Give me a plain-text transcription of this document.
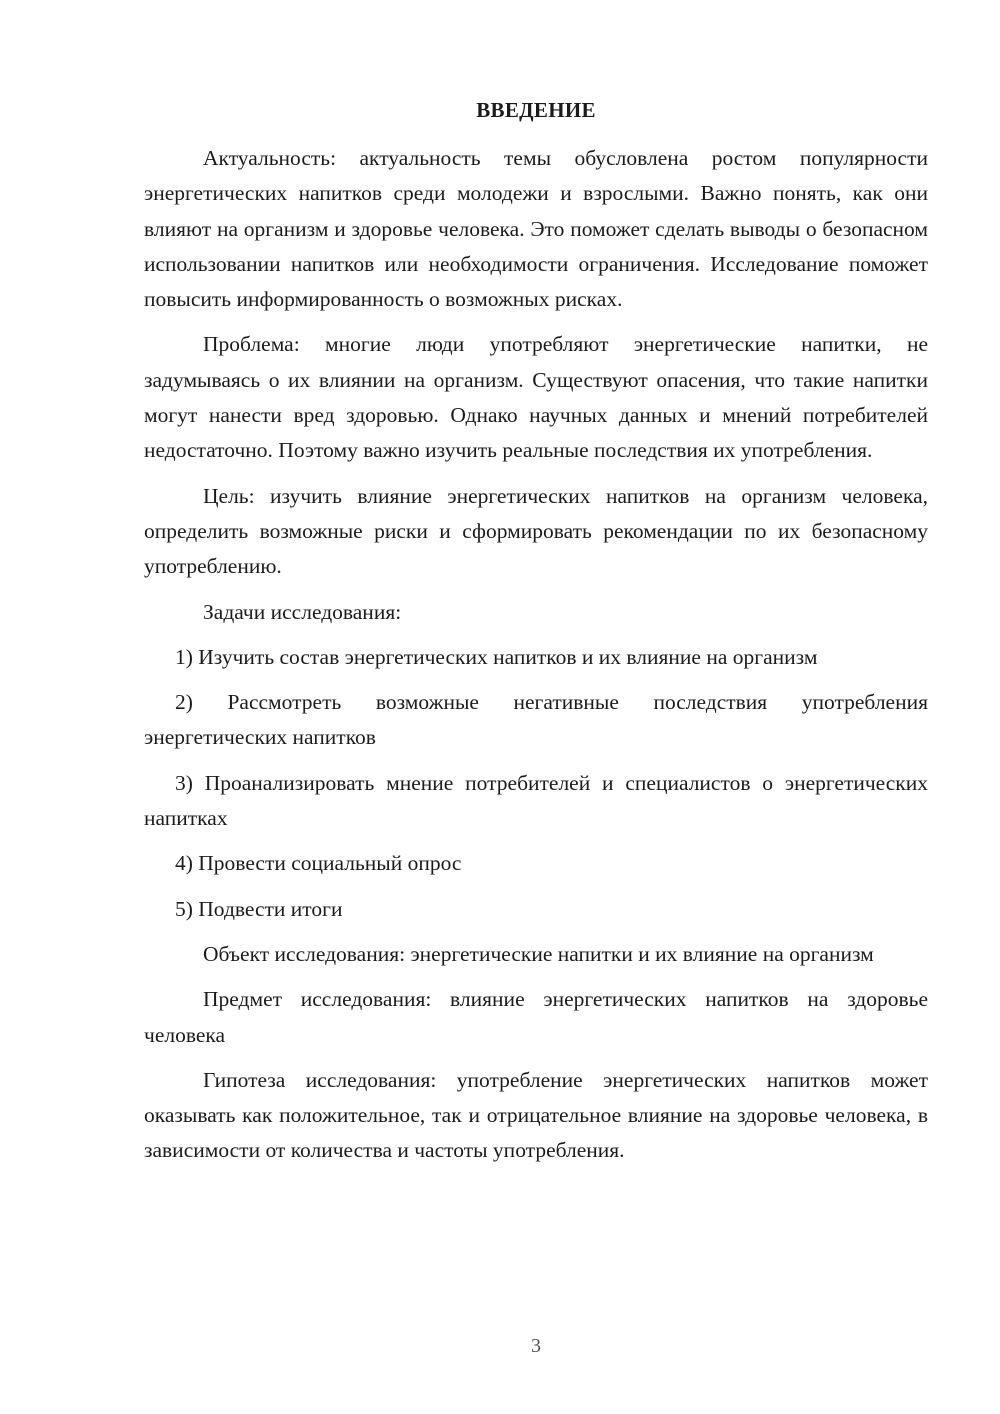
ВВЕДЕНИЕ

Актуальность: актуальность темы обусловлена ростом популярности энергетических напитков среди молодежи и взрослыми. Важно понять, как они влияют на организм и здоровье человека. Это поможет сделать выводы о безопасном использовании напитков или необходимости ограничения. Исследование поможет повысить информированность о возможных рисках.

Проблема: многие люди употребляют энергетические напитки, не задумываясь о их влиянии на организм. Существуют опасения, что такие напитки могут нанести вред здоровью. Однако научных данных и мнений потребителей недостаточно. Поэтому важно изучить реальные последствия их употребления.

Цель: изучить влияние энергетических напитков на организм человека, определить возможные риски и сформировать рекомендации по их безопасному употреблению.

Задачи исследования:

1) Изучить состав энергетических напитков и их влияние на организм

2) Рассмотреть возможные негативные последствия употребления энергетических напитков

3) Проанализировать мнение потребителей и специалистов о энергетических напитках

4) Провести социальный опрос

5) Подвести итоги

Объект исследования: энергетические напитки и их влияние на организм

Предмет исследования: влияние энергетических напитков на здоровье человека

Гипотеза исследования: употребление энергетических напитков может оказывать как положительное, так и отрицательное влияние на здоровье человека, в зависимости от количества и частоты употребления.

3
